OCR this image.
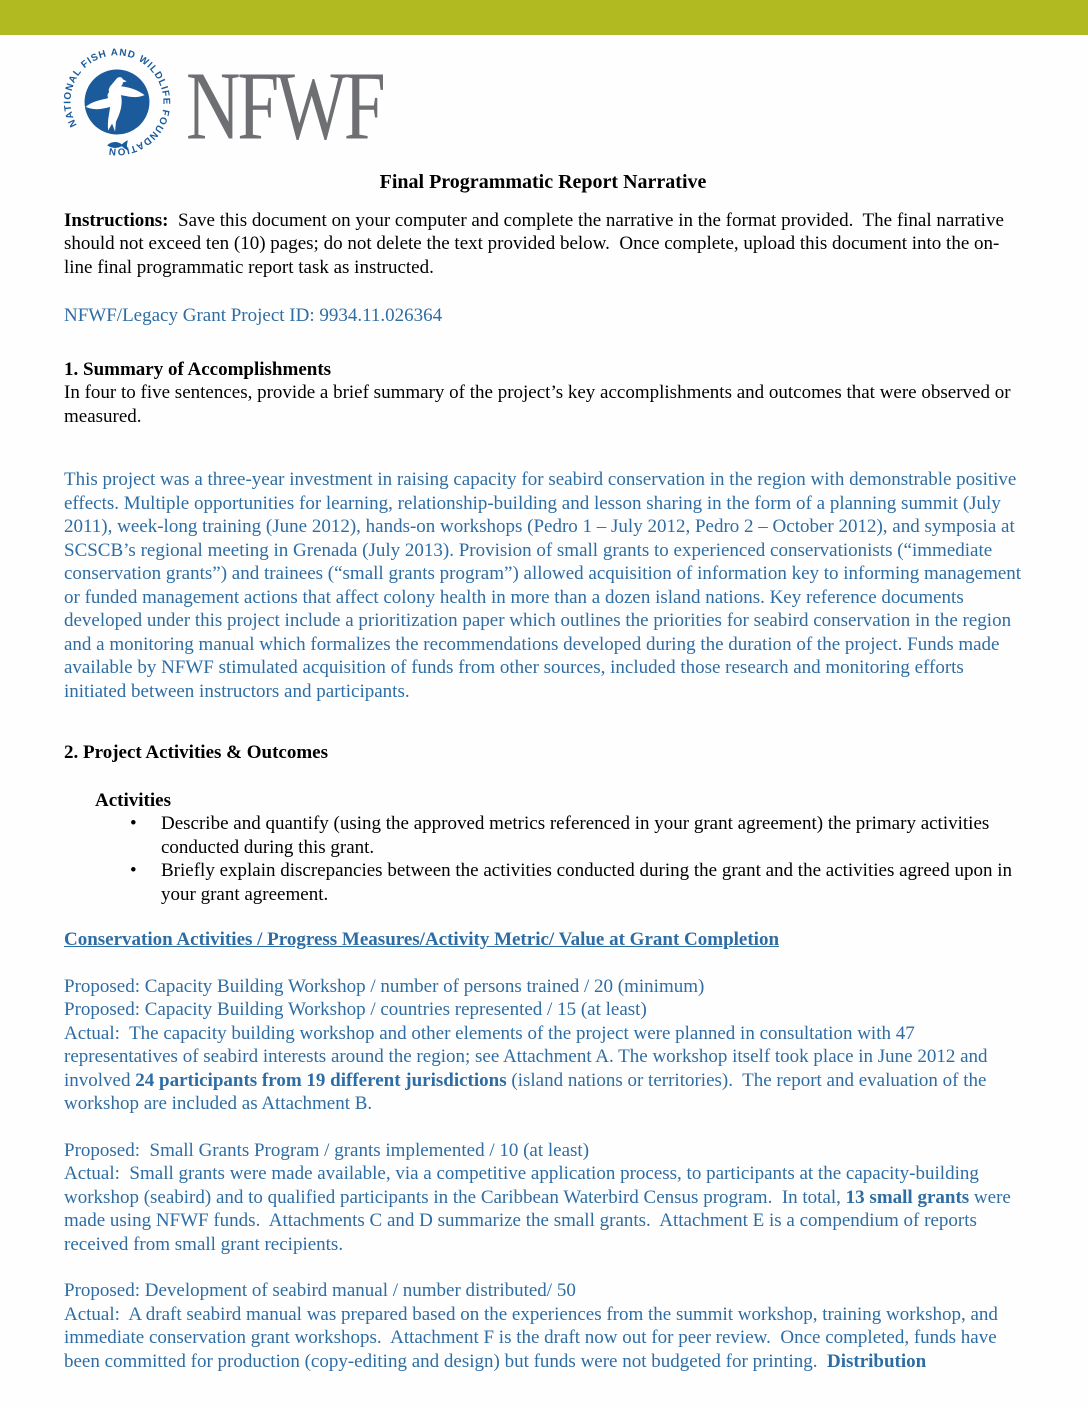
NATIONAL FISH AND WILDLIFE FOUNDATION NFWF
Final Programmatic Report Narrative

Instructions:  Save this document on your computer and complete the narrative in the format provided.  The final narrative should not exceed ten (10) pages; do not delete the text provided below.  Once complete, upload this document into the on-line final programmatic report task as instructed.

NFWF/Legacy Grant Project ID: 9934.11.026364

1. Summary of Accomplishments

In four to five sentences, provide a brief summary of the project’s key accomplishments and outcomes that were observed or measured.

This project was a three-year investment in raising capacity for seabird conservation in the region with demonstrable positive effects. Multiple opportunities for learning, relationship-building and lesson sharing in the form of a planning summit (July 2011), week-long training (June 2012), hands-on workshops (Pedro 1 – July 2012, Pedro 2 – October 2012), and symposia at SCSCB’s regional meeting in Grenada (July 2013). Provision of small grants to experienced conservationists (“immediate conservation grants”) and trainees (“small grants program”) allowed acquisition of information key to informing management or funded management actions that affect colony health in more than a dozen island nations. Key reference documents developed under this project include a prioritization paper which outlines the priorities for seabird conservation in the region and a monitoring manual which formalizes the recommendations developed during the duration of the project. Funds made available by NFWF stimulated acquisition of funds from other sources, included those research and monitoring efforts initiated between instructors and participants.

2. Project Activities & Outcomes
Activities
•	Describe and quantify (using the approved metrics referenced in your grant agreement) the primary activities conducted during this grant.
•	Briefly explain discrepancies between the activities conducted during the grant and the activities agreed upon in your grant agreement.
Conservation Activities / Progress Measures/Activity Metric/ Value at Grant Completion
Proposed: Capacity Building Workshop / number of persons trained / 20 (minimum)
Proposed: Capacity Building Workshop / countries represented / 15 (at least)

Actual:  The capacity building workshop and other elements of the project were planned in consultation with 47 representatives of seabird interests around the region; see Attachment A. The workshop itself took place in June 2012 and involved 24 participants from 19 different jurisdictions (island nations or territories).  The report and evaluation of the workshop are included as Attachment B.

Proposed:  Small Grants Program / grants implemented / 10 (at least)

Actual:  Small grants were made available, via a competitive application process, to participants at the capacity-building workshop (seabird) and to qualified participants in the Caribbean Waterbird Census program.  In total, 13 small grants were made using NFWF funds.  Attachments C and D summarize the small grants.  Attachment E is a compendium of reports received from small grant recipients.

Proposed: Development of seabird manual / number distributed/ 50

Actual:  A draft seabird manual was prepared based on the experiences from the summit workshop, training workshop, and immediate conservation grant workshops.  Attachment F is the draft now out for peer review.  Once completed, funds have been committed for production (copy-editing and design) but funds were not budgeted for printing.  Distribution
